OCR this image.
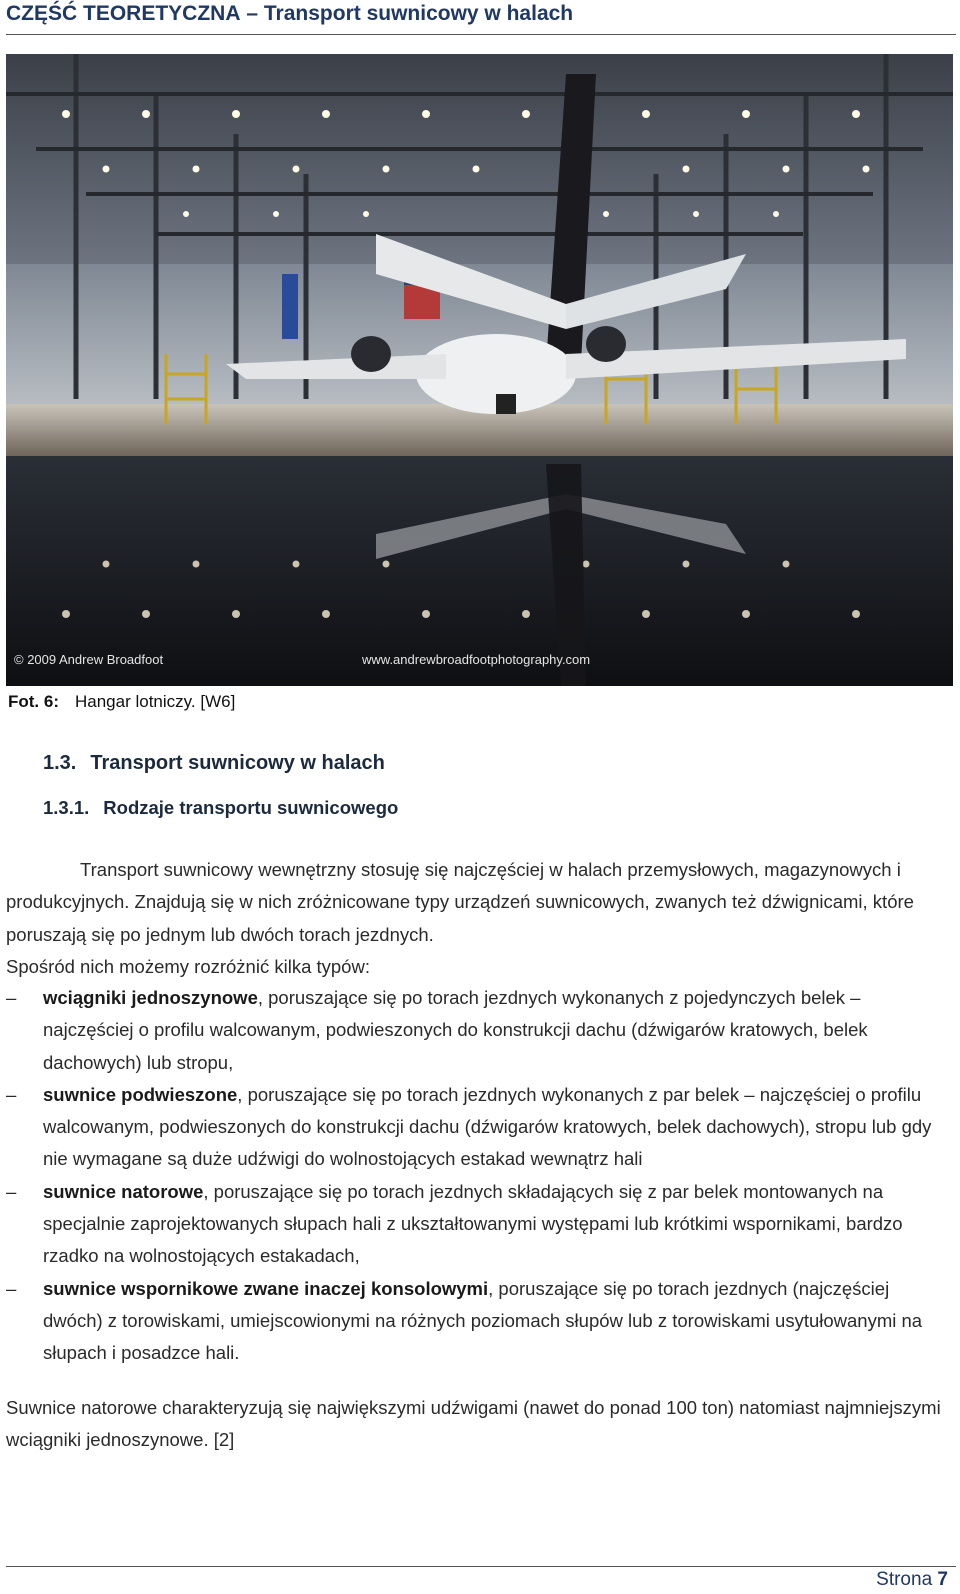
CZĘŚĆ TEORETYCZNA – Transport suwnicowy w halach
© 2009 Andrew Broadfoot	www.andrewbroadfootphotography.com
Fot. 6: Hangar lotniczy. [W6]
1.3. Transport suwnicowy w halach
1.3.1. Rodzaje transportu suwnicowego
Transport suwnicowy wewnętrzny stosuję się najczęściej w halach przemysłowych, magazynowych i produkcyjnych. Znajdują się w nich zróżnicowane typy urządzeń suwnicowych, zwanych też dźwignicami, które poruszają się po jednym lub dwóch torach jezdnych.
Spośród nich możemy rozróżnić kilka typów:
– wciągniki jednoszynowe, poruszające się po torach jezdnych wykonanych z pojedynczych belek – najczęściej o profilu walcowanym, podwieszonych do konstrukcji dachu (dźwigarów kratowych, belek dachowych) lub stropu,
– suwnice podwieszone, poruszające się po torach jezdnych wykonanych z par belek – najczęściej o profilu walcowanym, podwieszonych do konstrukcji dachu (dźwigarów kratowych, belek dachowych), stropu lub gdy nie wymagane są duże udźwigi do wolnostojących estakad wewnątrz hali
– suwnice natorowe, poruszające się po torach jezdnych składających się z par belek montowanych na specjalnie zaprojektowanych słupach hali z ukształtowanymi występami lub krótkimi wspornikami, bardzo rzadko na wolnostojących estakadach,
– suwnice wspornikowe zwane inaczej konsolowymi, poruszające się po torach jezdnych (najczęściej dwóch) z torowiskami, umiejscowionymi na różnych poziomach słupów lub z torowiskami usytułowanymi na słupach i posadzce hali.
Suwnice natorowe charakteryzują się największymi udźwigami (nawet do ponad 100 ton) natomiast najmniejszymi wciągniki jednoszynowe. [2]
Strona 7
